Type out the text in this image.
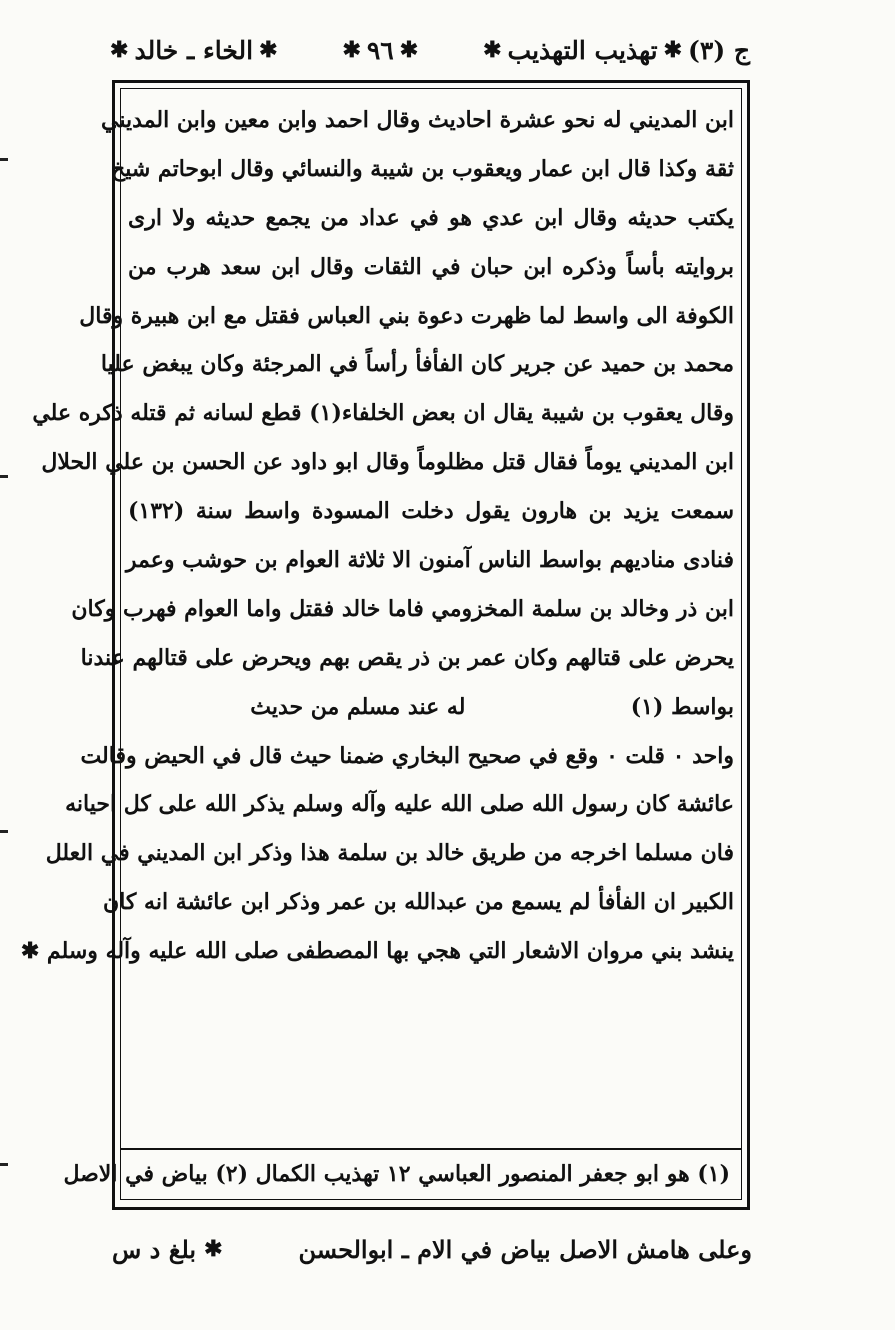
ج (٣)
✱
تهذيب التهذيب
✱
✱
٩٦
✱
✱
الخاء ـ خالد
✱
ابن المديني له نحو عشرة احاديث وقال احمد وابن معين وابن المديني
ثقة وكذا قال ابن عمار ويعقوب بن شيبة والنسائي وقال ابوحاتم شيخ
يكتب حديثه وقال ابن عدي هو في عداد من يجمع حديثه ولا ارى
بروايته بأساً وذكره ابن حبان في الثقات وقال ابن سعد هرب من
الكوفة الى واسط لما ظهرت دعوة بني العباس فقتل مع ابن هبيرة وقال
محمد بن حميد عن جرير كان الفأفأ رأساً في المرجئة وكان يبغض عليا
وقال يعقوب بن شيبة يقال ان بعض الخلفاء(١) قطع لسانه ثم قتله ذكره علي
ابن المديني يوماً فقال قتل مظلوماً وقال ابو داود عن الحسن بن علي الحلال
سمعت يزيد بن هارون يقول دخلت المسودة واسط سنة (١٣٢)
فنادى مناديهم بواسط الناس آمنون الا ثلاثة العوام بن حوشب وعمر
ابن ذر وخالد بن سلمة المخزومي فاما خالد فقتل واما العوام فهرب وكان
يحرض على قتالهم وكان عمر بن ذر يقص بهم ويحرض على قتالهم عندنا
بواسط (١)  له عند مسلم من حديث
واحد ٠ قلت ٠ وقع في صحيح البخاري ضمنا حيث قال في الحيض وقالت
عائشة كان رسول الله صلى الله عليه وآله وسلم يذكر الله على كل احيانه
فان مسلما اخرجه من طريق خالد بن سلمة هذا وذكر ابن المديني في العلل
الكبير ان الفأفأ لم يسمع من عبدالله بن عمر وذكر ابن عائشة انه كان
ينشد بني مروان الاشعار التي هجي بها المصطفى صلى الله عليه وآله وسلم ✱
(١) هو ابو جعفر المنصور العباسي ١٢ تهذيب الكمال (٢) بياض في الاصل
وعلى هامش الاصل بياض في الام ـ ابوالحسن
✱
بلغ د س
